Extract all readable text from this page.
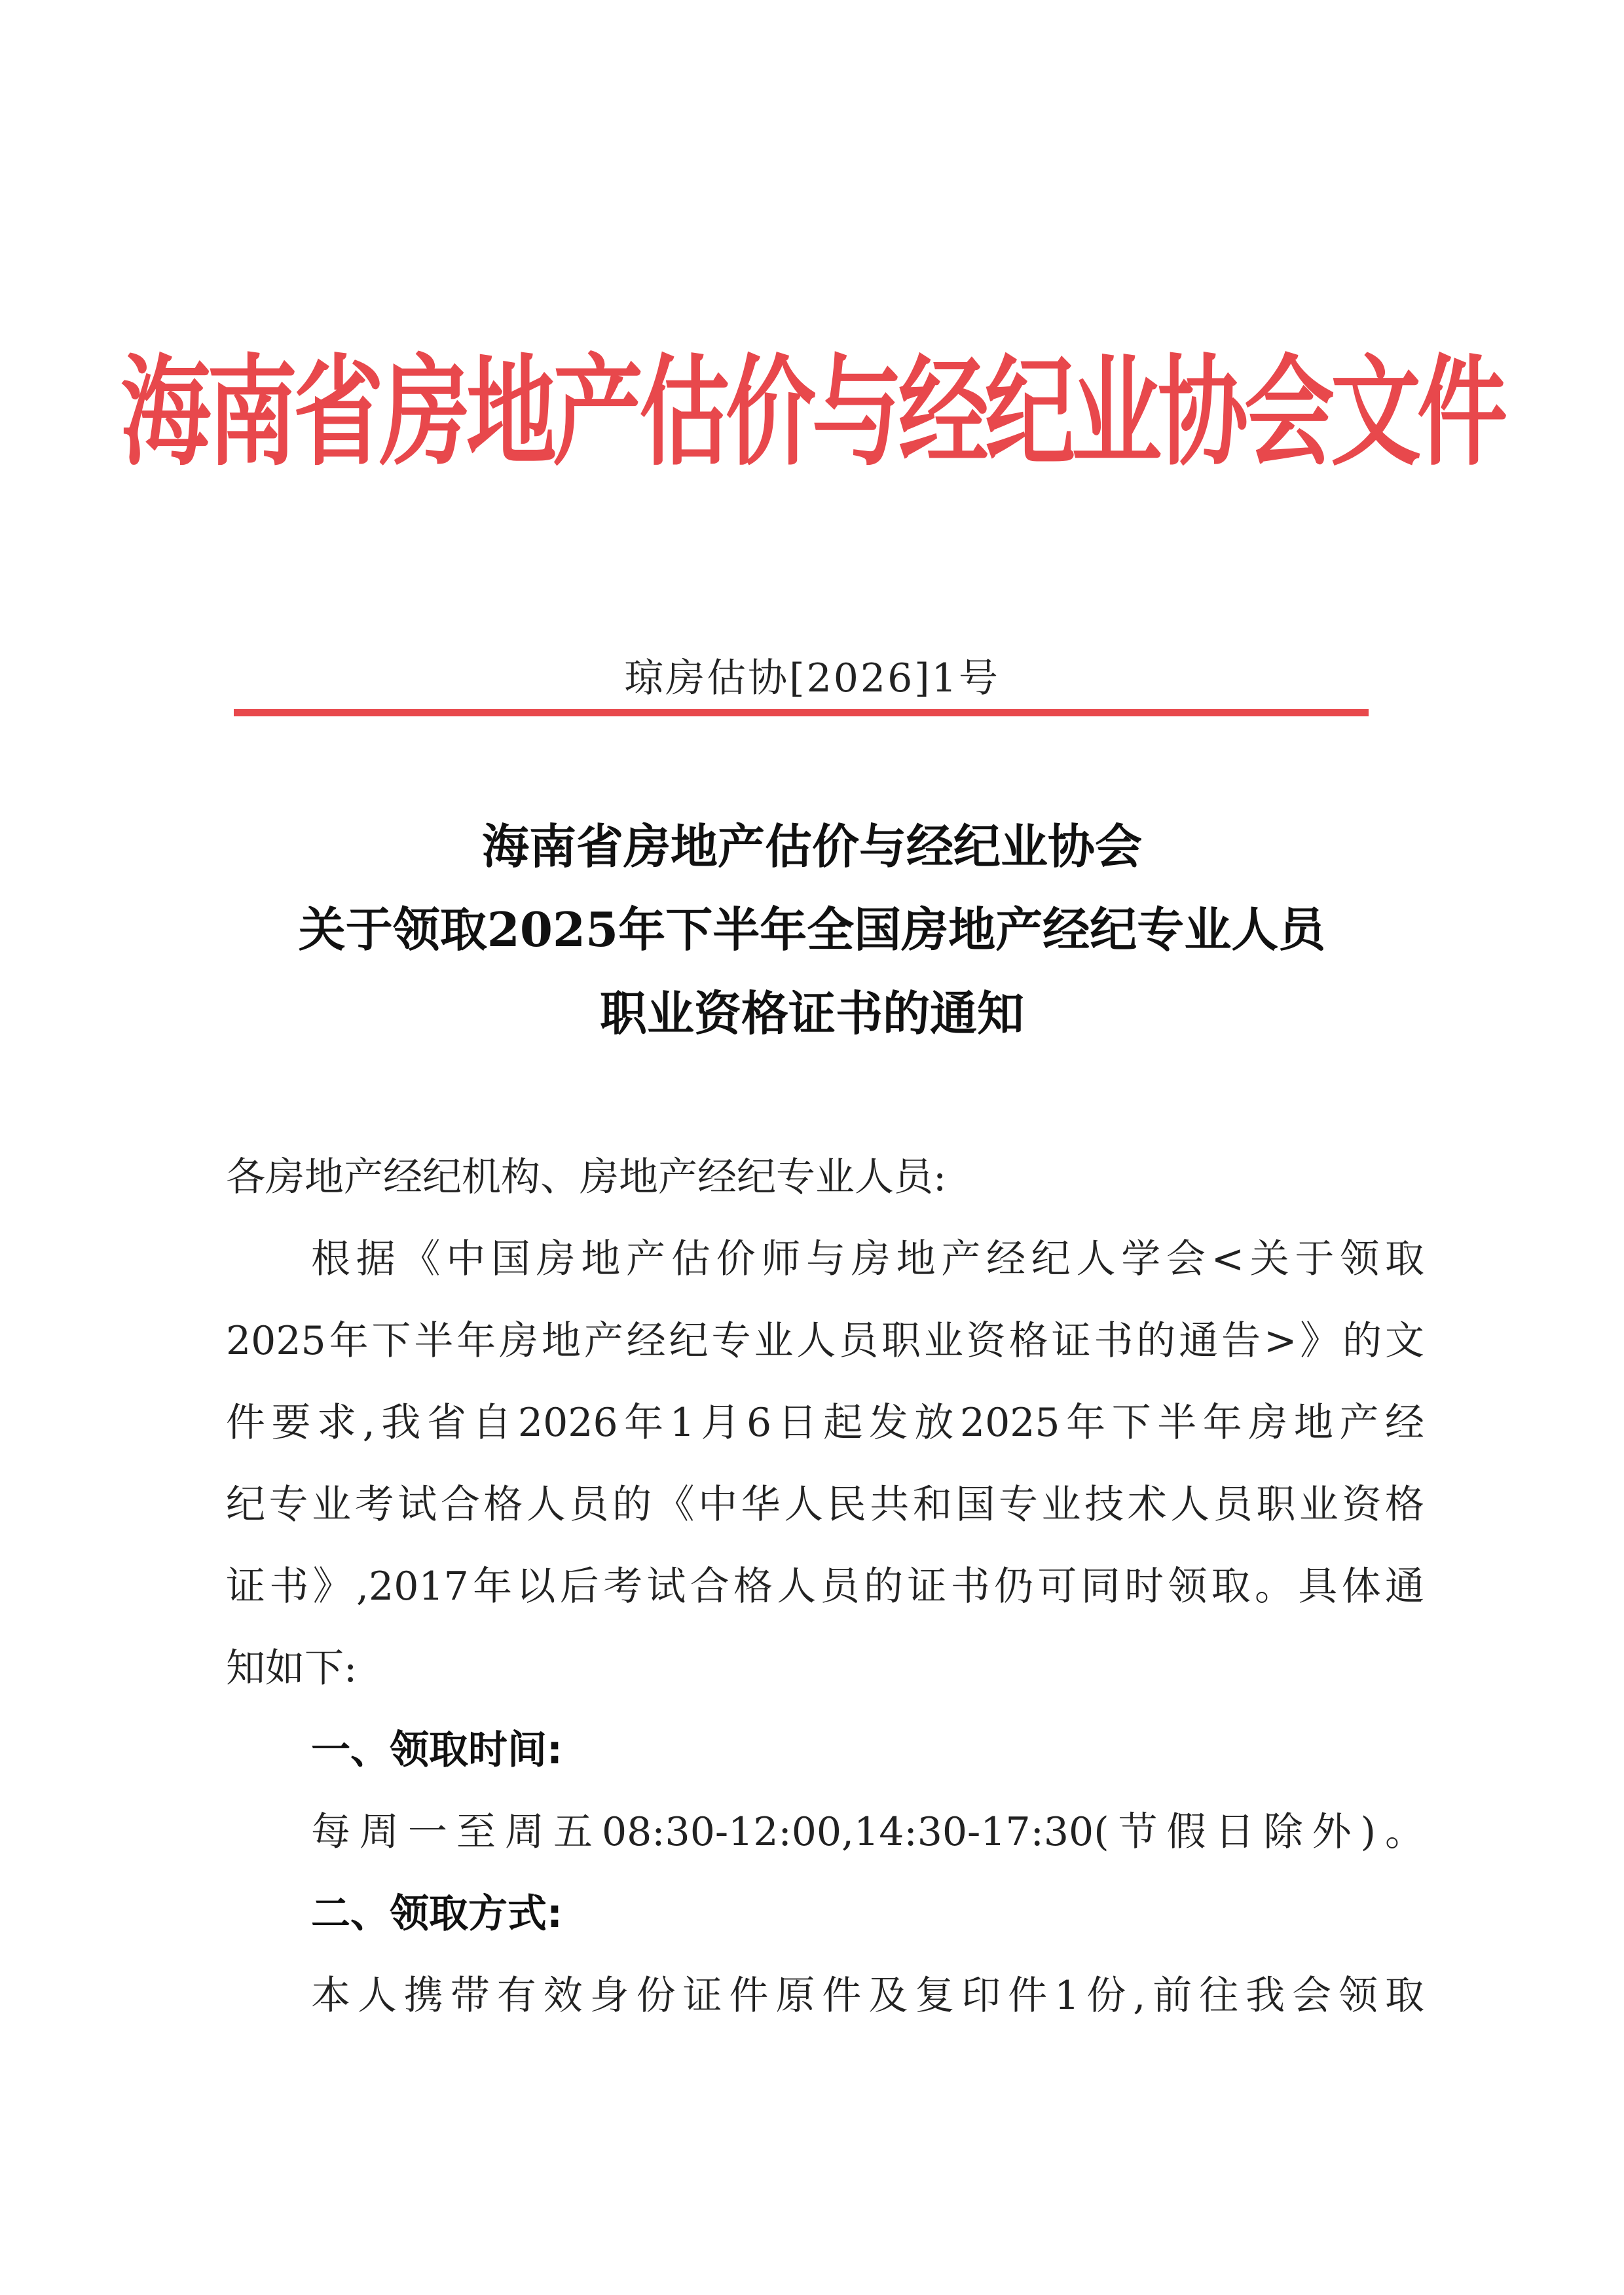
海南省房地产估价与经纪业协会文件
琼房估协[2026]1号
海南省房地产估价与经纪业协会
关于领取2025年下半年全国房地产经纪专业人员
职业资格证书的通知

各房地产经纪机构、房地产经纪专业人员:

根据《中国房地产估价师与房地产经纪人学会<关于领取

2025年下半年房地产经纪专业人员职业资格证书的通告>》的文

件要求,我省自2026年1月6日起发放2025年下半年房地产经

纪专业考试合格人员的《中华人民共和国专业技术人员职业资格

证书》,2017年以后考试合格人员的证书仍可同时领取。具体通

知如下:

一、领取时间:

每周一至周五08:30-12:00,14:30-17:30(节假日除外)。

二、领取方式:

本人携带有效身份证件原件及复印件1份,前往我会领取
